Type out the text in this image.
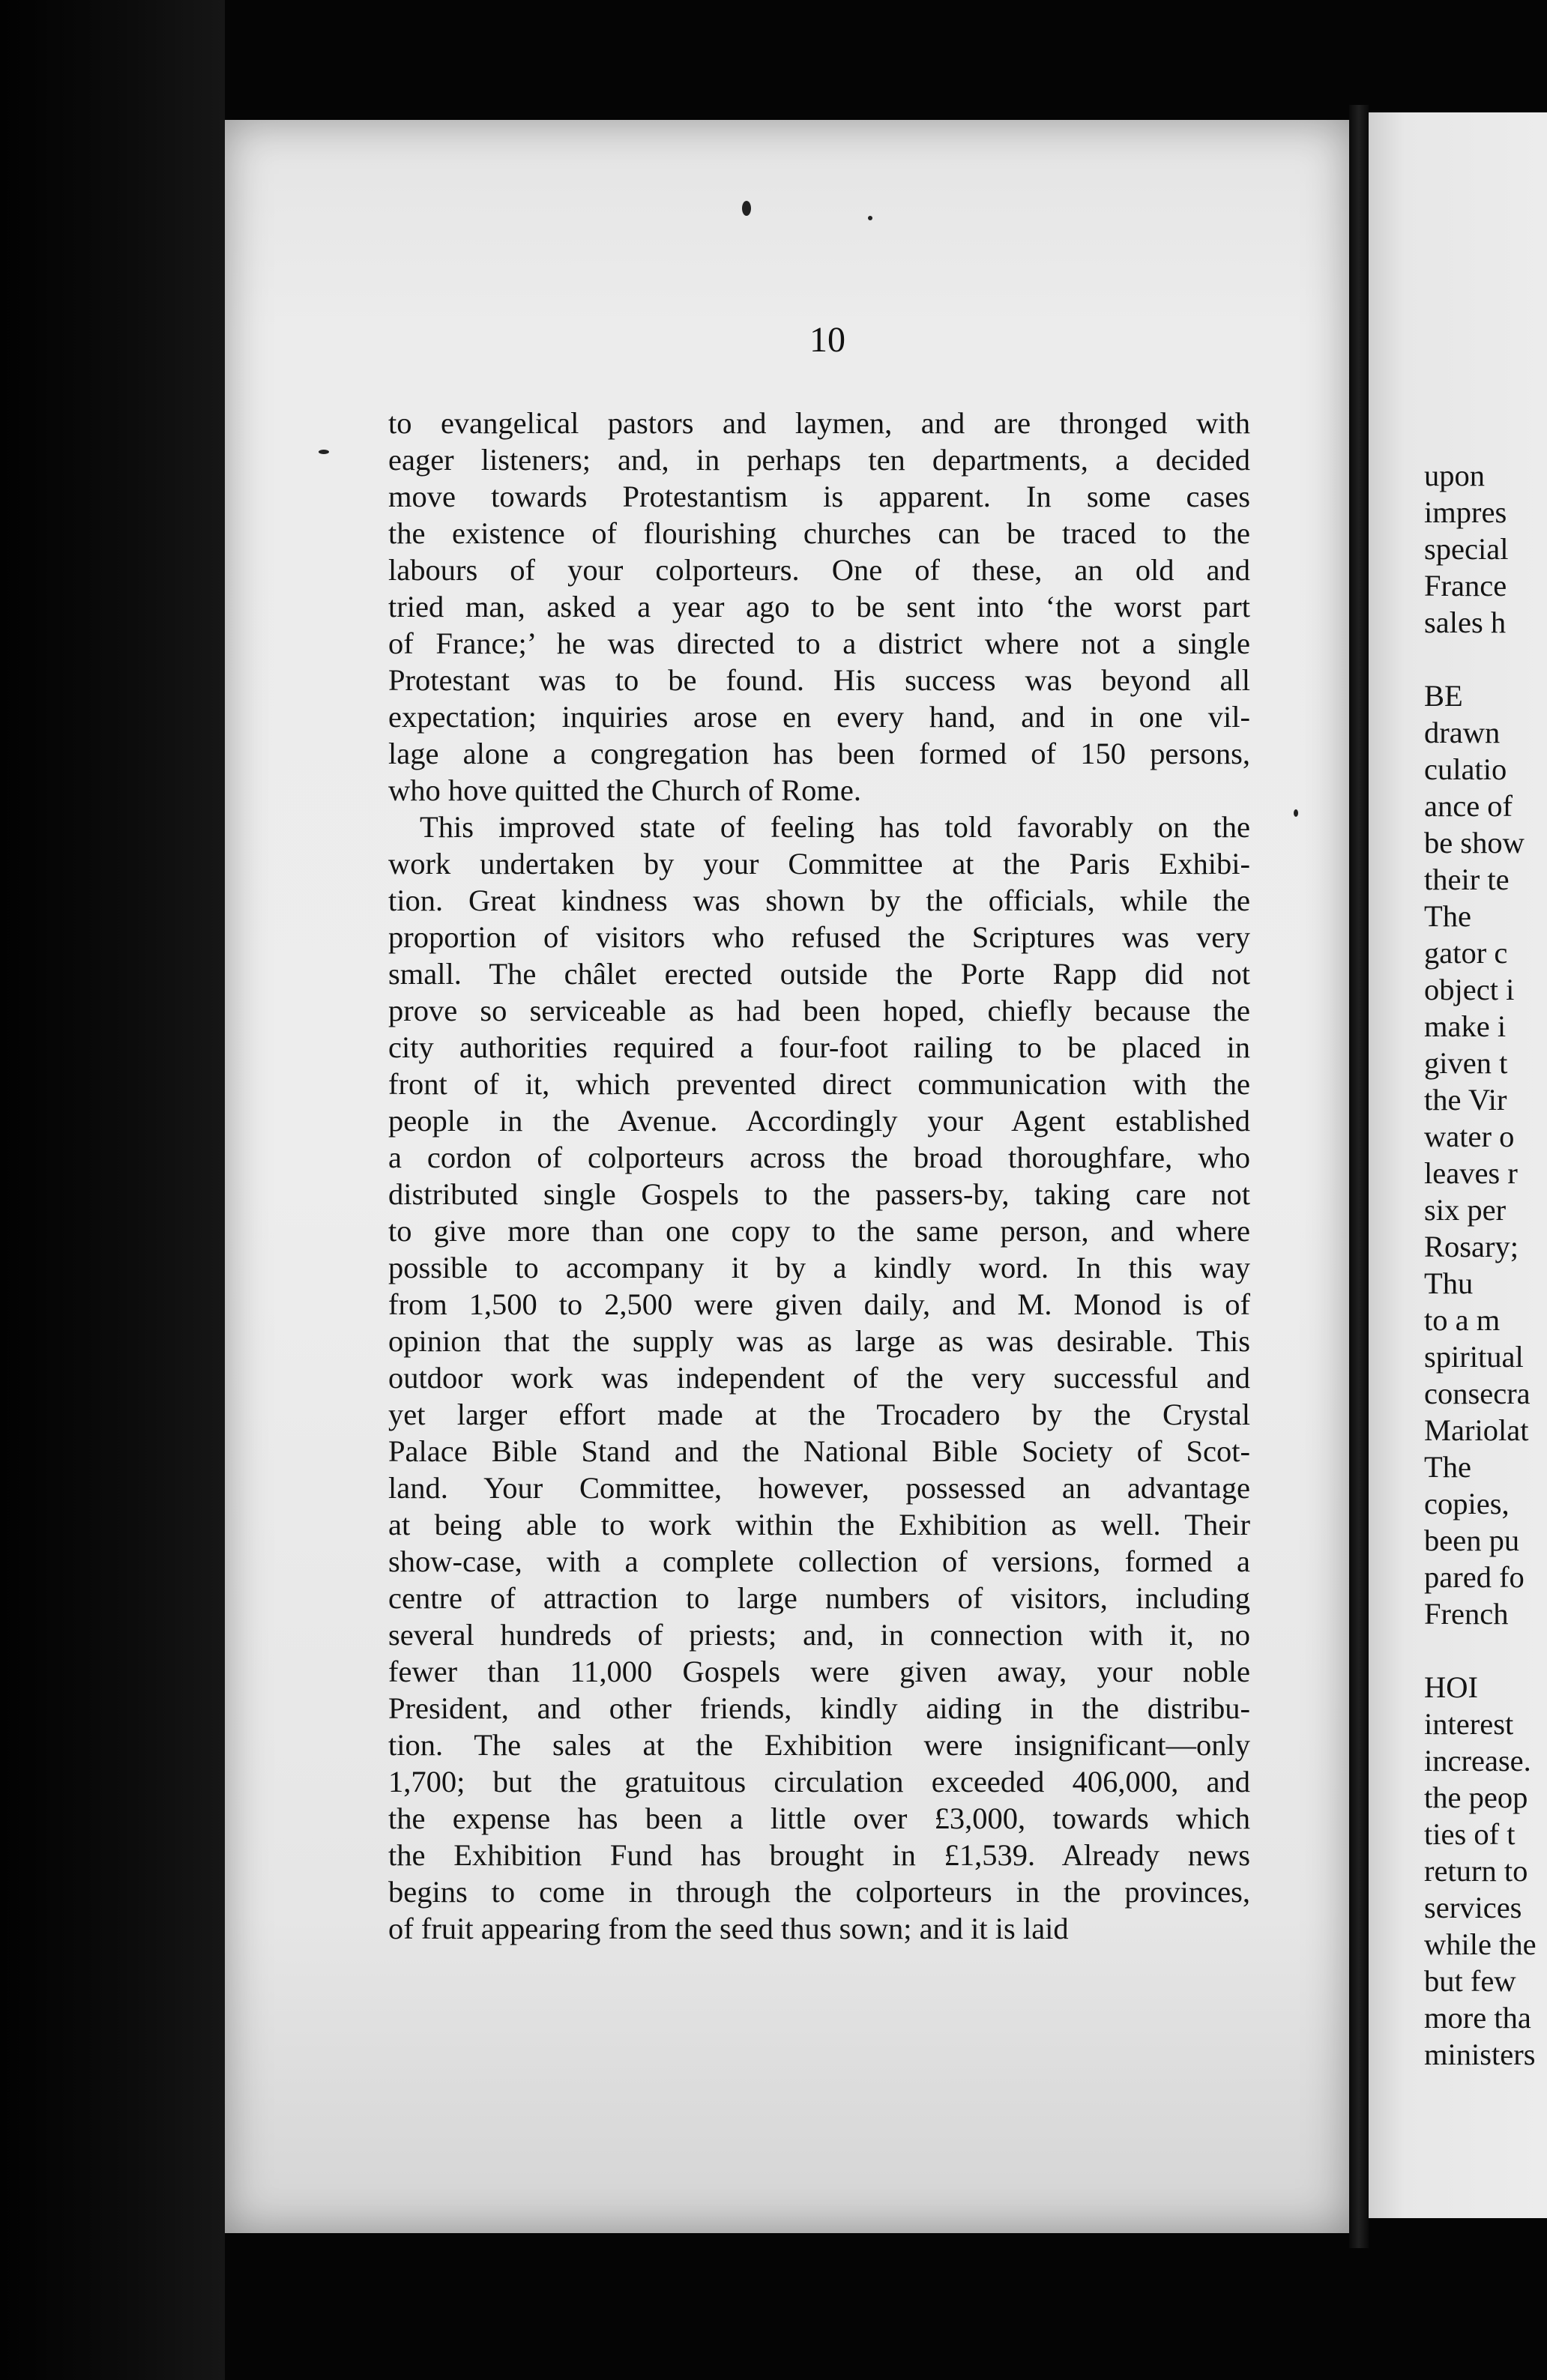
10
to evangelical pastors and laymen, and are thronged with
eager listeners; and, in perhaps ten departments, a decided
move towards Protestantism is apparent. In some cases
the existence of flourishing churches can be traced to the
labours of your colporteurs. One of these, an old and
tried man, asked a year ago to be sent into ‘the worst part
of France;’ he was directed to a district where not a single
Protestant was to be found. His success was beyond all
expectation; inquiries arose en every hand, and in one vil-
lage alone a congregation has been formed of 150 persons,
who hove quitted the Church of Rome.
This improved state of feeling has told favorably on the
work undertaken by your Committee at the Paris Exhibi-
tion. Great kindness was shown by the officials, while the
proportion of visitors who refused the Scriptures was very
small. The châlet erected outside the Porte Rapp did not
prove so serviceable as had been hoped, chiefly because the
city authorities required a four-foot railing to be placed in
front of it, which prevented direct communication with the
people in the Avenue. Accordingly your Agent established
a cordon of colporteurs across the broad thoroughfare, who
distributed single Gospels to the passers-by, taking care not
to give more than one copy to the same person, and where
possible to accompany it by a kindly word. In this way
from 1,500 to 2,500 were given daily, and M. Monod is of
opinion that the supply was as large as was desirable. This
outdoor work was independent of the very successful and
yet larger effort made at the Trocadero by the Crystal
Palace Bible Stand and the National Bible Society of Scot-
land. Your Committee, however, possessed an advantage
at being able to work within the Exhibition as well. Their
show-case, with a complete collection of versions, formed a
centre of attraction to large numbers of visitors, including
several hundreds of priests; and, in connection with it, no
fewer than 11,000 Gospels were given away, your noble
President, and other friends, kindly aiding in the distribu-
tion. The sales at the Exhibition were insignificant—only
1,700; but the gratuitous circulation exceeded 406,000, and
the expense has been a little over £3,000, towards which
the Exhibition Fund has brought in £1,539. Already news
begins to come in through the colporteurs in the provinces,
of fruit appearing from the seed thus sown; and it is laid
upon
impres
special
France
sales h
BE
drawn
culatio
ance of
be show
their te
The
gator c
object i
make i
given t
the Vir
water o
leaves r
six per
Rosary;
Thu
to a m
spiritual
consecra
Mariolat
The
copies,
been pu
pared fo
French
HOI
interest
increase.
the peop
ties of t
return to
services
while the
but few
more tha
ministers
